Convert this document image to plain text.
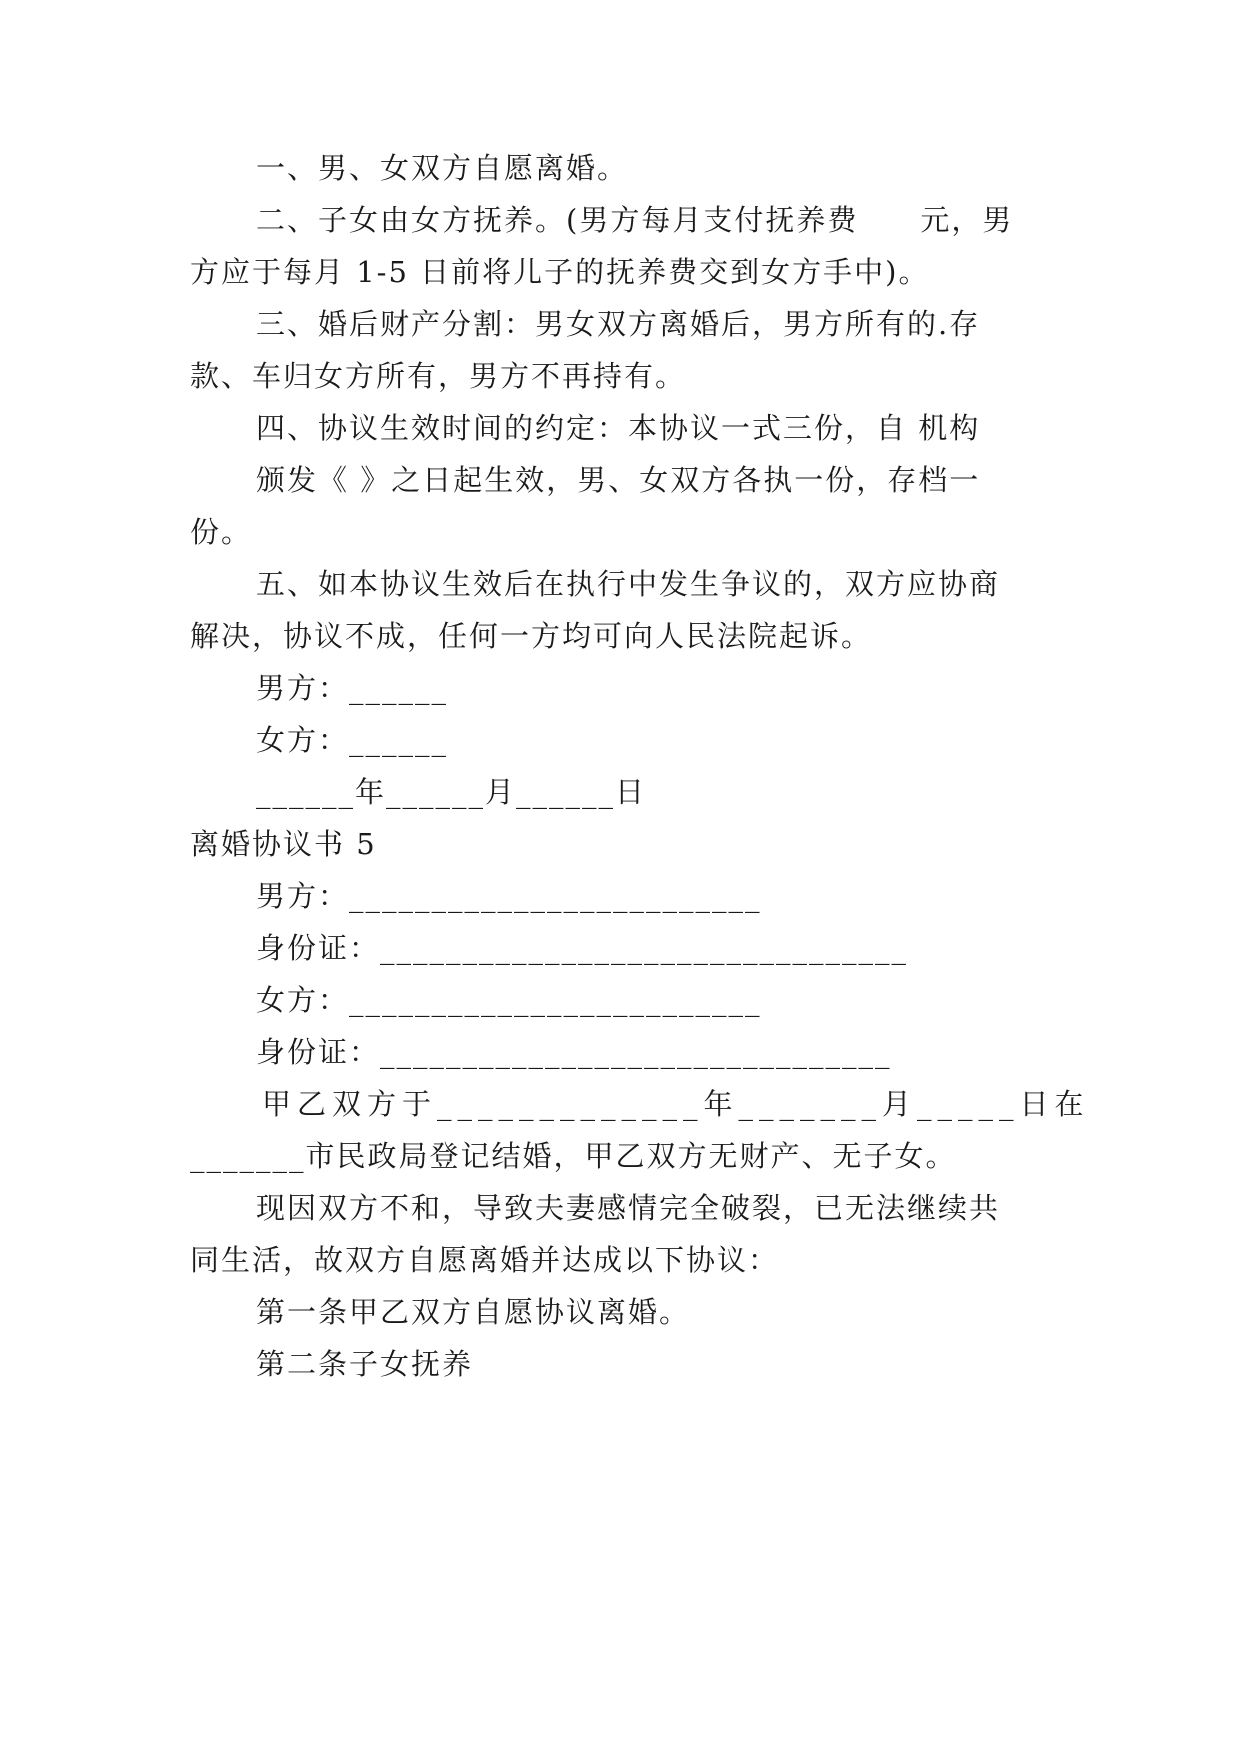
一、男、女双方自愿离婚。
二、子女由女方抚养。(男方每月支付抚养费　　元，男
方应于每月 1-5 日前将儿子的抚养费交到女方手中)。
三、婚后财产分割：男女双方离婚后，男方所有的.存
款、车归女方所有，男方不再持有。
四、协议生效时间的约定：本协议一式三份，自 机构
颁发《 》之日起生效，男、女双方各执一份，存档一
份。
五、如本协议生效后在执行中发生争议的，双方应协商
解决，协议不成，任何一方均可向人民法院起诉。
男方：______
女方：______
______年______月______日
离婚协议书 5
男方：_________________________
身份证：________________________________
女方：_________________________
身份证：_______________________________
甲乙双方于_____________年_______月_____日在
_______市民政局登记结婚，甲乙双方无财产、无子女。
现因双方不和，导致夫妻感情完全破裂，已无法继续共
同生活，故双方自愿离婚并达成以下协议：
第一条甲乙双方自愿协议离婚。
第二条子女抚养
